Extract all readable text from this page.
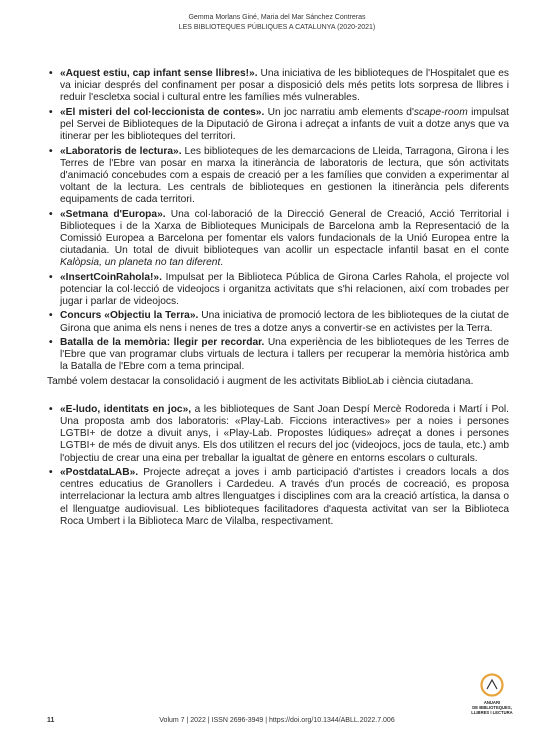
Gemma Morlans Giné, Maria del Mar Sánchez Contreras
LES BIBLIOTEQUES PÚBLIQUES A CATALUNYA (2020-2021)
• «Aquest estiu, cap infant sense llibres!». Una iniciativa de les biblioteques de l'Hospitalet que es va iniciar després del confinament per posar a disposició dels més petits lots sorpresa de llibres i reduir l'escletxa social i cultural entre les famílies més vulnerables.
• «El misteri del col·leccionista de contes». Un joc narratiu amb elements d'scape-room impulsat pel Servei de Biblioteques de la Diputació de Girona i adreçat a infants de vuit a dotze anys que va itinerar per les biblioteques del territori.
• «Laboratoris de lectura». Les biblioteques de les demarcacions de Lleida, Tarragona, Girona i les Terres de l'Ebre van posar en marxa la itinerància de laboratoris de lectura, que són activitats d'animació concebudes com a espais de creació per a les famílies que conviden a experimentar al voltant de la lectura. Les centrals de biblioteques en gestionen la itinerància pels diferents equipaments de cada territori.
• «Setmana d'Europa». Una col·laboració de la Direcció General de Creació, Acció Territorial i Biblioteques i de la Xarxa de Biblioteques Municipals de Barcelona amb la Representació de la Comissió Europea a Barcelona per fomentar els valors fundacionals de la Unió Europea entre la ciutadania. Un total de divuit biblioteques van acollir un espectacle infantil basat en el conte Kalòpsia, un planeta no tan diferent.
• «InsertCoinRahola!». Impulsat per la Biblioteca Pública de Girona Carles Rahola, el projecte vol potenciar la col·lecció de videojocs i organitza activitats que s'hi relacionen, així com trobades per jugar i parlar de videojocs.
• Concurs «Objectiu la Terra». Una iniciativa de promoció lectora de les biblioteques de la ciutat de Girona que anima els nens i nenes de tres a dotze anys a convertir-se en activistes per la Terra.
• Batalla de la memòria: llegir per recordar. Una experiència de les biblioteques de les Terres de l'Ebre que van programar clubs virtuals de lectura i tallers per recuperar la memòria històrica amb la Batalla de l'Ebre com a tema principal.

També volem destacar la consolidació i augment de les activitats BiblioLab i ciència ciutadana.

• «E-ludo, identitats en joc», a les biblioteques de Sant Joan Despí Mercè Rodoreda i Martí i Pol. Una proposta amb dos laboratoris: «Play-Lab. Ficcions interactives» per a noies i persones LGTBI+ de dotze a divuit anys, i «Play-Lab. Propostes lúdiques» adreçat a dones i persones LGTBI+ de més de divuit anys. Els dos utilitzen el recurs del joc (videojocs, jocs de taula, etc.) amb l'objectiu de crear una eina per treballar la igualtat de gènere en entorns escolars o culturals.
• «PostdataLAB». Projecte adreçat a joves i amb participació d'artistes i creadors locals a dos centres educatius de Granollers i Cardedeu. A través d'un procés de cocreació, es proposa interrelacionar la lectura amb altres llenguatges i disciplines com ara la creació artística, la dansa o el llenguatge audiovisual. Les biblioteques facilitadores d'aquesta activitat van ser la Biblioteca Roca Umbert i la Biblioteca Marc de Vilalba, respectivament.
ANUARI
DE BIBLIOTEQUES,
LLIBRES I LECTURA
Volum 7 | 2022 | ISSN 2696-3949 | https://doi.org/10.1344/ABLL.2022.7.006
11
